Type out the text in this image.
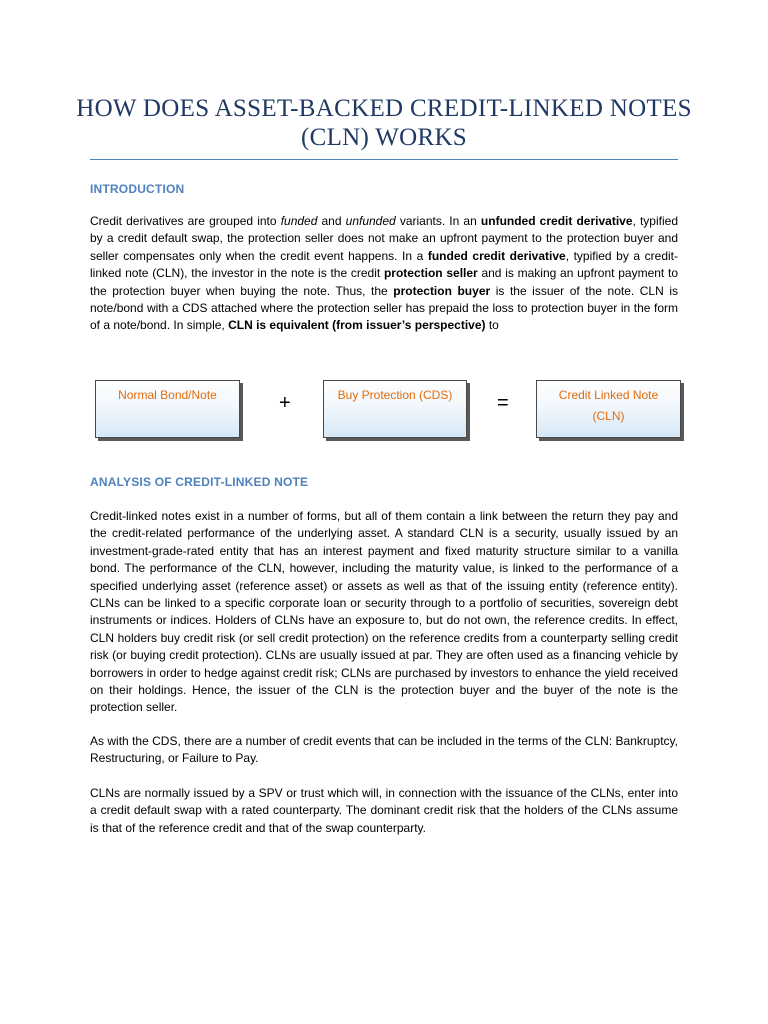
HOW DOES ASSET-BACKED CREDIT-LINKED NOTES
(CLN) WORKS
INTRODUCTION
Credit derivatives are grouped into funded and unfunded variants. In an unfunded credit derivative, typified by a credit default swap, the protection seller does not make an upfront payment to the protection buyer and seller compensates only when the credit event happens. In a funded credit derivative, typified by a credit-linked note (CLN), the investor in the note is the credit protection seller and is making an upfront payment to the protection buyer when buying the note. Thus, the protection buyer is the issuer of the note. CLN is note/bond with a CDS attached where the protection seller has prepaid the loss to protection buyer in the form of a note/bond. In simple, CLN is equivalent (from issuer’s perspective) to
Normal Bond/Note	+	Buy Protection (CDS)	=	Credit Linked Note
(CLN)
ANALYSIS OF CREDIT-LINKED NOTE
Credit-linked notes exist in a number of forms, but all of them contain a link between the return they pay and the credit-related performance of the underlying asset. A standard CLN is a security, usually issued by an investment-grade-rated entity that has an interest payment and fixed maturity structure similar to a vanilla bond. The performance of the CLN, however, including the maturity value, is linked to the performance of a specified underlying asset (reference asset) or assets as well as that of the issuing entity (reference entity). CLNs can be linked to a specific corporate loan or security through to a portfolio of securities, sovereign debt instruments or indices. Holders of CLNs have an exposure to, but do not own, the reference credits. In effect, CLN holders buy credit risk (or sell credit protection) on the reference credits from a counterparty selling credit risk (or buying credit protection). CLNs are usually issued at par. They are often used as a financing vehicle by borrowers in order to hedge against credit risk; CLNs are purchased by investors to enhance the yield received on their holdings. Hence, the issuer of the CLN is the protection buyer and the buyer of the note is the protection seller.
As with the CDS, there are a number of credit events that can be included in the terms of the CLN: Bankruptcy, Restructuring, or Failure to Pay.
CLNs are normally issued by a SPV or trust which will, in connection with the issuance of the CLNs, enter into a credit default swap with a rated counterparty. The dominant credit risk that the holders of the CLNs assume is that of the reference credit and that of the swap counterparty.
